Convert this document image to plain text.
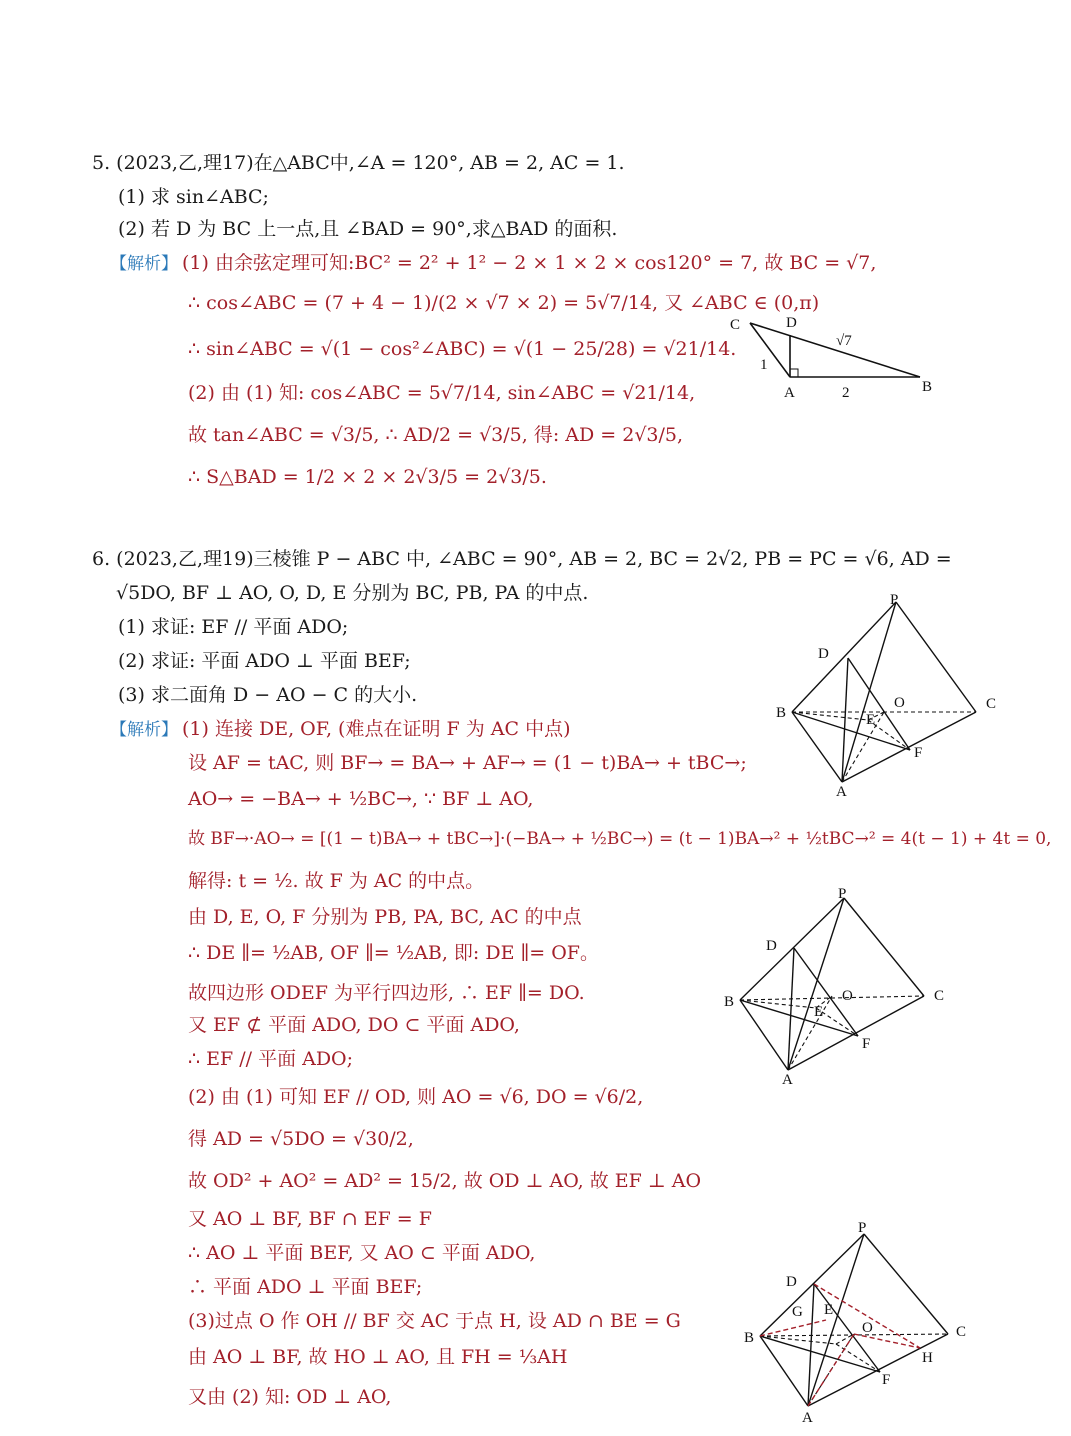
5. (2023,乙,理17)在△ABC中,∠A = 120°, AB = 2, AC = 1.
(1) 求 sin∠ABC;
(2) 若 D 为 BC 上一点,且 ∠BAD = 90°,求△BAD 的面积.
【解析】 (1) 由余弦定理可知:BC² = 2² + 1² − 2 × 1 × 2 × cos120° = 7, 故 BC = √7,
∴ cos∠ABC = (7 + 4 − 1)/(2 × √7 × 2) = 5√7/14, 又 ∠ABC ∈ (0,π)
∴ sin∠ABC = √(1 − cos²∠ABC) = √(1 − 25/28) = √21/14.
(2) 由 (1) 知: cos∠ABC = 5√7/14, sin∠ABC = √21/14,
故 tan∠ABC = √3/5, ∴ AD/2 = √3/5, 得: AD = 2√3/5,
∴ S△BAD = 1/2 × 2 × 2√3/5 = 2√3/5.
C	D
√7
1
A	2	B
6. (2023,乙,理19)三棱锥 P − ABC 中, ∠ABC = 90°, AB = 2, BC = 2√2, PB = PC = √6, AD =
√5DO, BF ⊥ AO, O, D, E 分别为 BC, PB, PA 的中点.
(1) 求证: EF // 平面 ADO;
(2) 求证: 平面 ADO ⊥ 平面 BEF;
(3) 求二面角 D − AO − C 的大小.
【解析】 (1) 连接 DE, OF, (难点在证明 F 为 AC 中点)
设 AF = tAC, 则 BF→ = BA→ + AF→ = (1 − t)BA→ + tBC→;
AO→ = −BA→ + ½BC→, ∵ BF ⊥ AO,
故 BF→·AO→ = [(1 − t)BA→ + tBC→]·(−BA→ + ½BC→) = (t − 1)BA→² + ½tBC→² = 4(t − 1) + 4t = 0,
解得: t = ½. 故 F 为 AC 的中点。
由 D, E, O, F 分别为 PB, PA, BC, AC 的中点
∴ DE ∥= ½AB, OF ∥= ½AB, 即: DE ∥= OF。
故四边形 ODEF 为平行四边形, ∴ EF ∥= DO.
又 EF ⊄ 平面 ADO, DO ⊂ 平面 ADO,
∴ EF // 平面 ADO;
(2) 由 (1) 可知 EF // OD, 则 AO = √6, DO = √6/2,
得 AD = √5DO = √30/2,
故 OD² + AO² = AD² = 15/2, 故 OD ⊥ AO, 故 EF ⊥ AO
又 AO ⊥ BF, BF ∩ EF = F
∴ AO ⊥ 平面 BEF, 又 AO ⊂ 平面 ADO,
∴ 平面 ADO ⊥ 平面 BEF;
(3)过点 O 作 OH // BF 交 AC 于点 H, 设 AD ∩ BE = G
由 AO ⊥ BF, 故 HO ⊥ AO, 且 FH = ⅓AH
又由 (2) 知: OD ⊥ AO,
P
D
B
O	C
E
F
A
P
D
B	O	C
E
F
A
P
D
G E
B
O	C
H
F
A
